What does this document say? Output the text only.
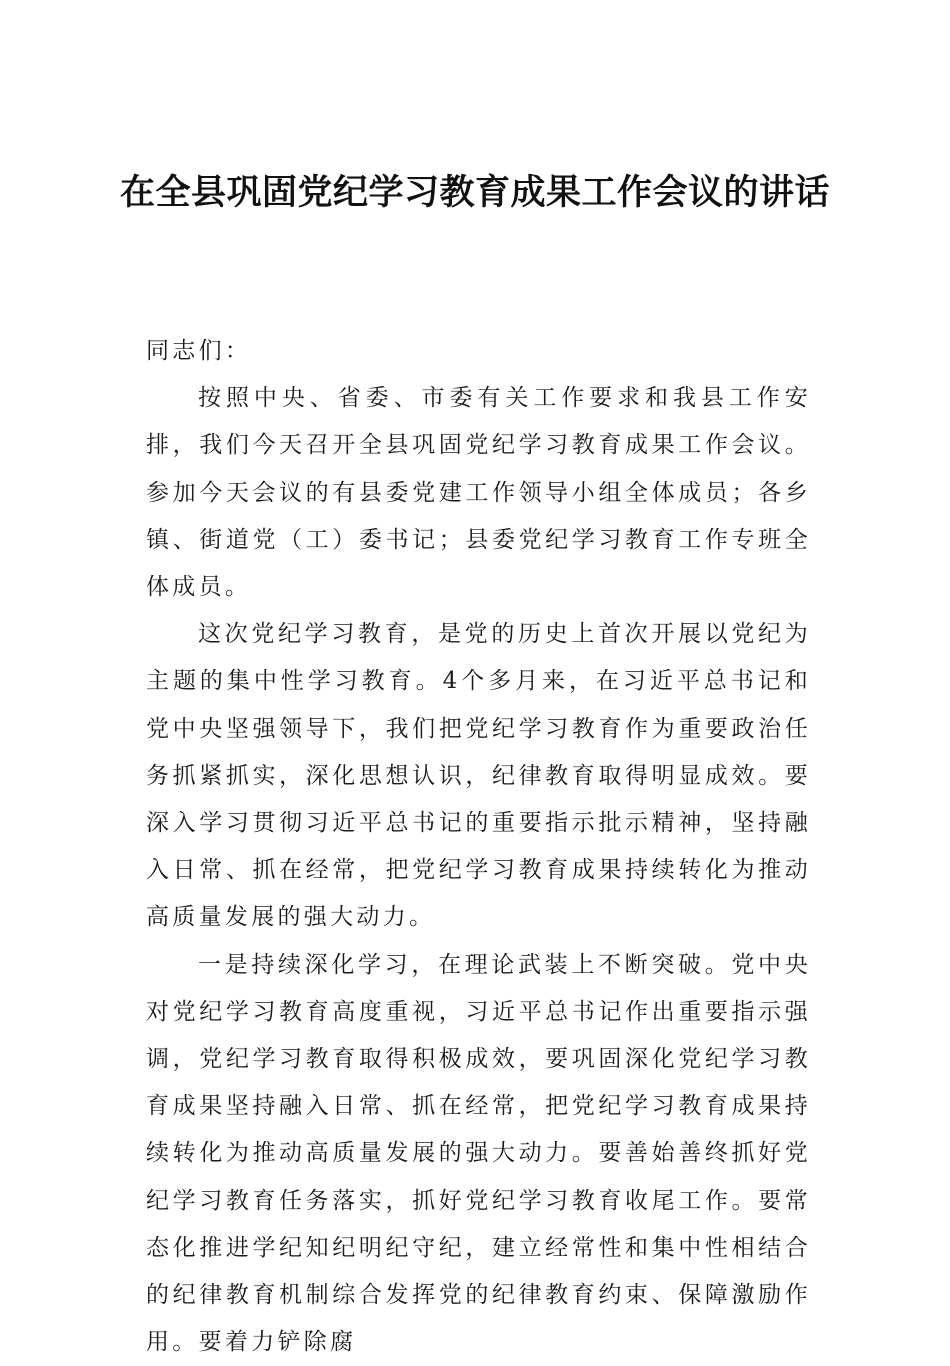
在全县巩固党纪学习教育成果工作会议的讲话

同志们：

按照中央、省委、市委有关工作要求和我县工作安排，我们今天召开全县巩固党纪学习教育成果工作会议。参加今天会议的有县委党建工作领导小组全体成员；各乡镇、街道党（工）委书记；县委党纪学习教育工作专班全体成员。

这次党纪学习教育，是党的历史上首次开展以党纪为主题的集中性学习教育。4个多月来，在习近平总书记和党中央坚强领导下，我们把党纪学习教育作为重要政治任务抓紧抓实，深化思想认识，纪律教育取得明显成效。要深入学习贯彻习近平总书记的重要指示批示精神，坚持融入日常、抓在经常，把党纪学习教育成果持续转化为推动高质量发展的强大动力。

一是持续深化学习，在理论武装上不断突破。党中央对党纪学习教育高度重视，习近平总书记作出重要指示强调，党纪学习教育取得积极成效，要巩固深化党纪学习教育成果坚持融入日常、抓在经常，把党纪学习教育成果持续转化为推动高质量发展的强大动力。要善始善终抓好党纪学习教育任务落实，抓好党纪学习教育收尾工作。要常态化推进学纪知纪明纪守纪，建立经常性和集中性相结合的纪律教育机制综合发挥党的纪律教育约束、保障激励作用。要着力铲除腐
